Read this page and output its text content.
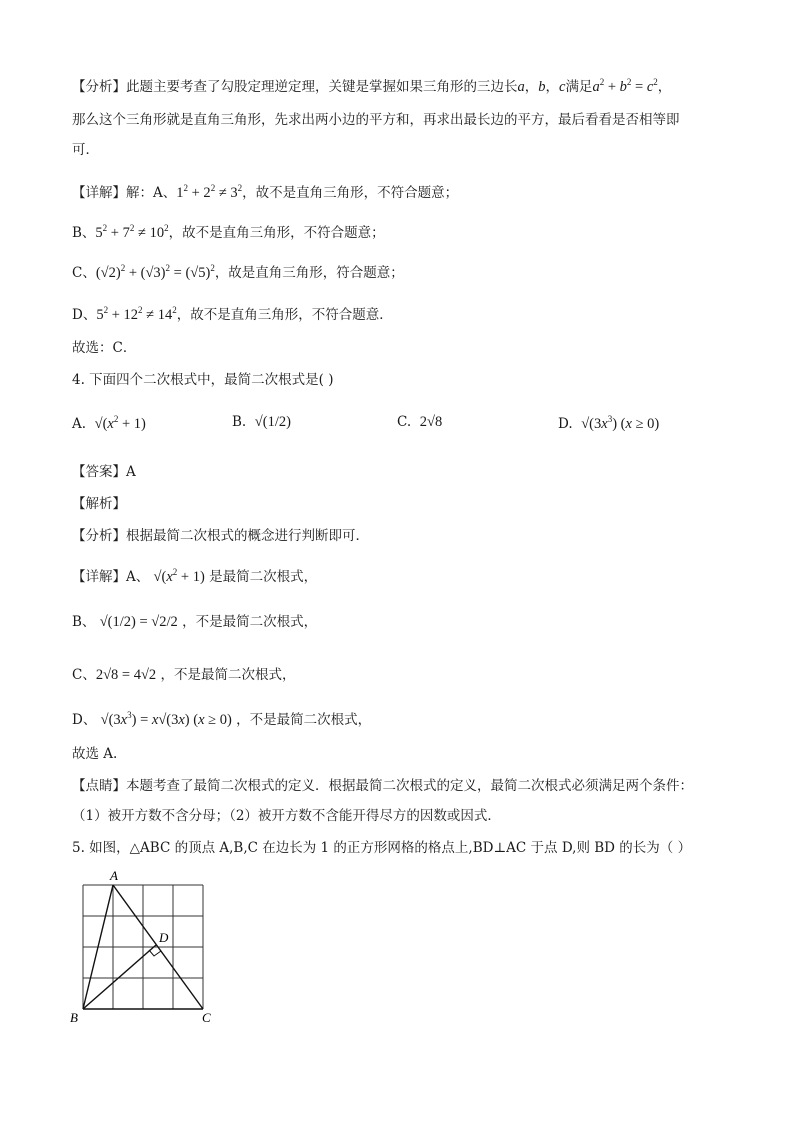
【分析】此题主要考查了勾股定理逆定理，关键是掌握如果三角形的三边长a，b，c满足$a^2 + b^2 = c^2$，
那么这个三角形就是直角三角形，先求出两小边的平方和，再求出最长边的平方，最后看看是否相等即
可．
【详解】解：A、$1^2 + 2^2 \ne 3^2$，故不是直角三角形，不符合题意；
B、$5^2 + 7^2 \ne 10^2$，故不是直角三角形，不符合题意；
C、$(√2)^2 + (√3)^2 = (√5)^2$，故是直角三角形，符合题意；
D、$5^2 + 12^2 \ne 14^2$，故不是直角三角形，不符合题意．
故选：C．
4. 下面四个二次根式中，最简二次根式是( )
A.  $√(x^2 + 1)$	B.  √(1/2)	C.  2√8	D.  $√(3x^3) (x \ge 0)$
【答案】A
【解析】
【分析】根据最简二次根式的概念进行判断即可．
【详解】A、 $√(x^2 + 1)$ 是最简二次根式，
B、 √(1/2) = √2/2 ，不是最简二次根式，
C、2√8 = 4√2 ，不是最简二次根式，
D、 $√(3x^3) = x√(3x) (x \ge 0)$ ，不是最简二次根式，
故选 A.
【点睛】本题考查了最简二次根式的定义．根据最简二次根式的定义，最简二次根式必须满足两个条件：
（1）被开方数不含分母；（2）被开方数不含能开得尽方的因数或因式．
5. 如图，△ABC 的顶点 A,B,C 在边长为 1 的正方形网格的格点上,BD⊥AC 于点 D,则 BD 的长为（ ）
A
B	C
D
